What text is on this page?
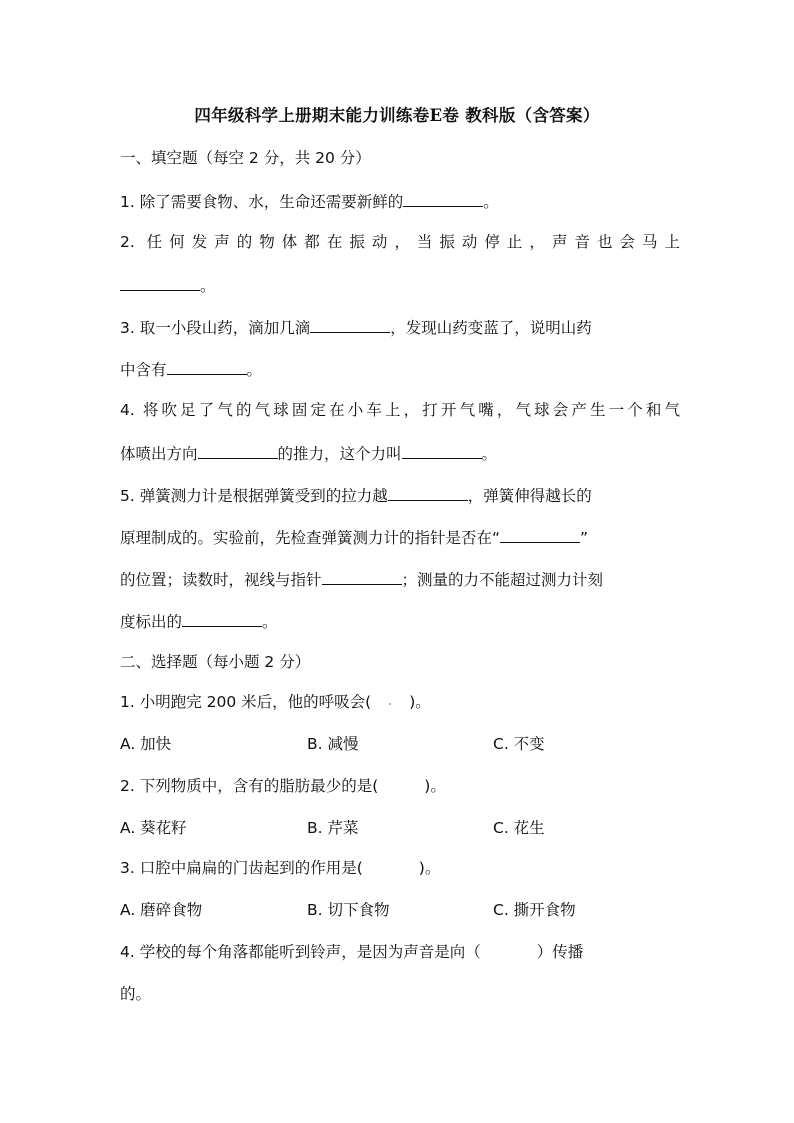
四年级科学上册期末能力训练卷E卷 教科版（含答案）
一、填空题（每空 2 分，共 20 分）
1. 除了需要食物、水，生命还需要新鲜的	。
2. 任何发声的物体都在振动，当振动停止，声音也会马上
。
3. 取一小段山药，滴加几滴	，发现山药变蓝了，说明山药
中含有	。
4. 将吹足了气的气球固定在小车上，打开气嘴，气球会产生一个和气
体喷出方向	的推力，这个力叫	。
5. 弹簧测力计是根据弹簧受到的拉力越	，弹簧伸得越长的
原理制成的。实验前，先检查弹簧测力计的指针是否在“	”
的位置；读数时，视线与指针	；测量的力不能超过测力计刻
度标出的	。
二、选择题（每小题 2 分）
1. 小明跑完 200 米后，他的呼吸会( )。
A. 加快	B. 减慢	C. 不变
2. 下列物质中，含有的脂肪最少的是(	)。
A. 葵花籽	B. 芹菜	C. 花生
3. 口腔中扁扁的门齿起到的作用是(	)。
A. 磨碎食物	B. 切下食物	C. 撕开食物
4. 学校的每个角落都能听到铃声，是因为声音是向（	）传播
的。
